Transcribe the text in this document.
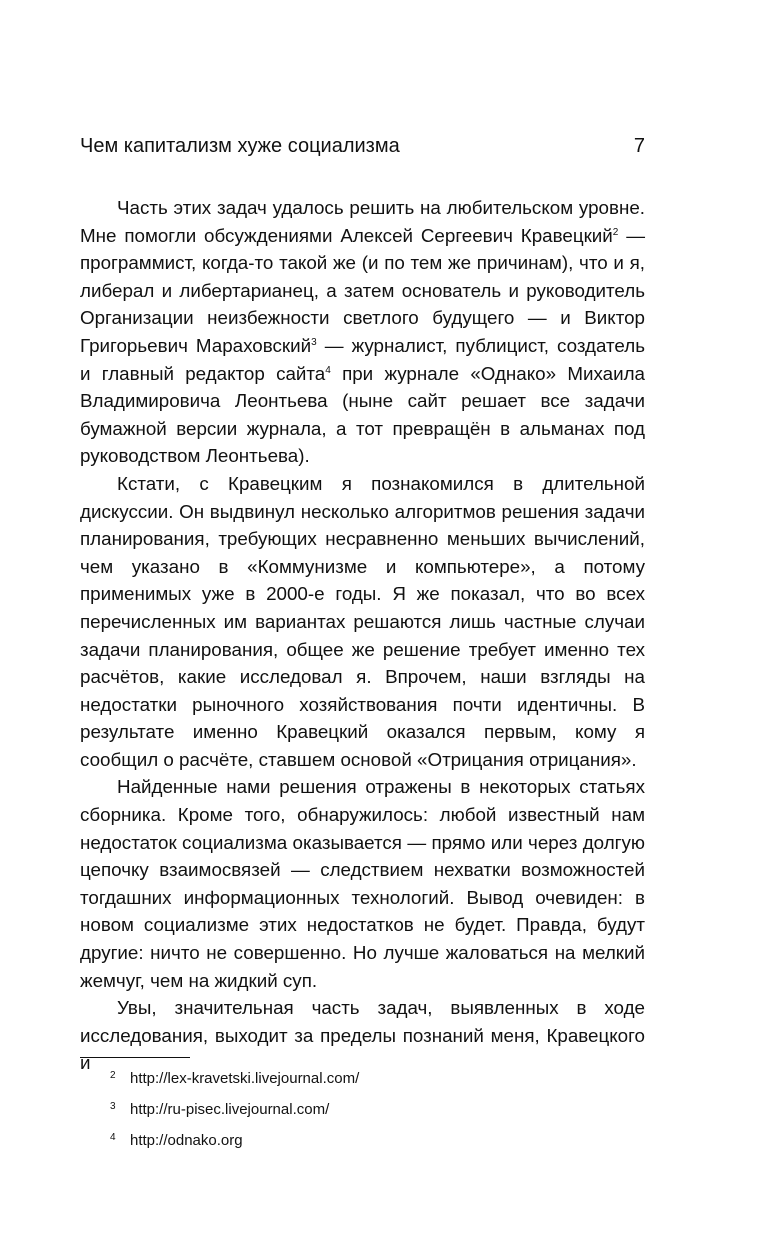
Чем капитализм хуже социализма	7

Часть этих задач удалось решить на любительском уровне. Мне помогли обсуждениями Алексей Сергеевич Кравецкий$^2$ — программист, когда-то такой же (и по тем же причинам), что и я, либерал и либертарианец, а затем основатель и руководитель Организации неизбежности светлого будущего — и Виктор Григорьевич Мараховский$^3$ — журналист, публицист, создатель и главный редактор сайта$^4$ при журнале «Однако» Михаила Владимировича Леонтьева (ныне сайт решает все задачи бумажной версии журнала, а тот превращён в альманах под руководством Леонтьева).

Кстати, с Кравецким я познакомился в длительной дискуссии. Он выдвинул несколько алгоритмов решения задачи планирования, требующих несравненно меньших вычислений, чем указано в «Коммунизме и компьютере», а потому применимых уже в 2000-е годы. Я же показал, что во всех перечисленных им вариантах решаются лишь частные случаи задачи планирования, общее же решение требует именно тех расчётов, какие исследовал я. Впрочем, наши взгляды на недостатки рыночного хозяйствования почти идентичны. В результате именно Кравецкий оказался первым, кому я сообщил о расчёте, ставшем основой «Отрицания отрицания».

Найденные нами решения отражены в некоторых статьях сборника. Кроме того, обнаружилось: любой известный нам недостаток социализма оказывается — прямо или через долгую цепочку взаимосвязей — следствием нехватки возможностей тогдашних информационных технологий. Вывод очевиден: в новом социализме этих недостатков не будет. Правда, будут другие: ничто не совершенно. Но лучше жаловаться на мелкий жемчуг, чем на жидкий суп.

Увы, значительная часть задач, выявленных в ходе исследования, выходит за пределы познаний меня, Кравецкого и

2 http://lex-kravetski.livejournal.com/
3 http://ru-pisec.livejournal.com/
4 http://odnako.org
